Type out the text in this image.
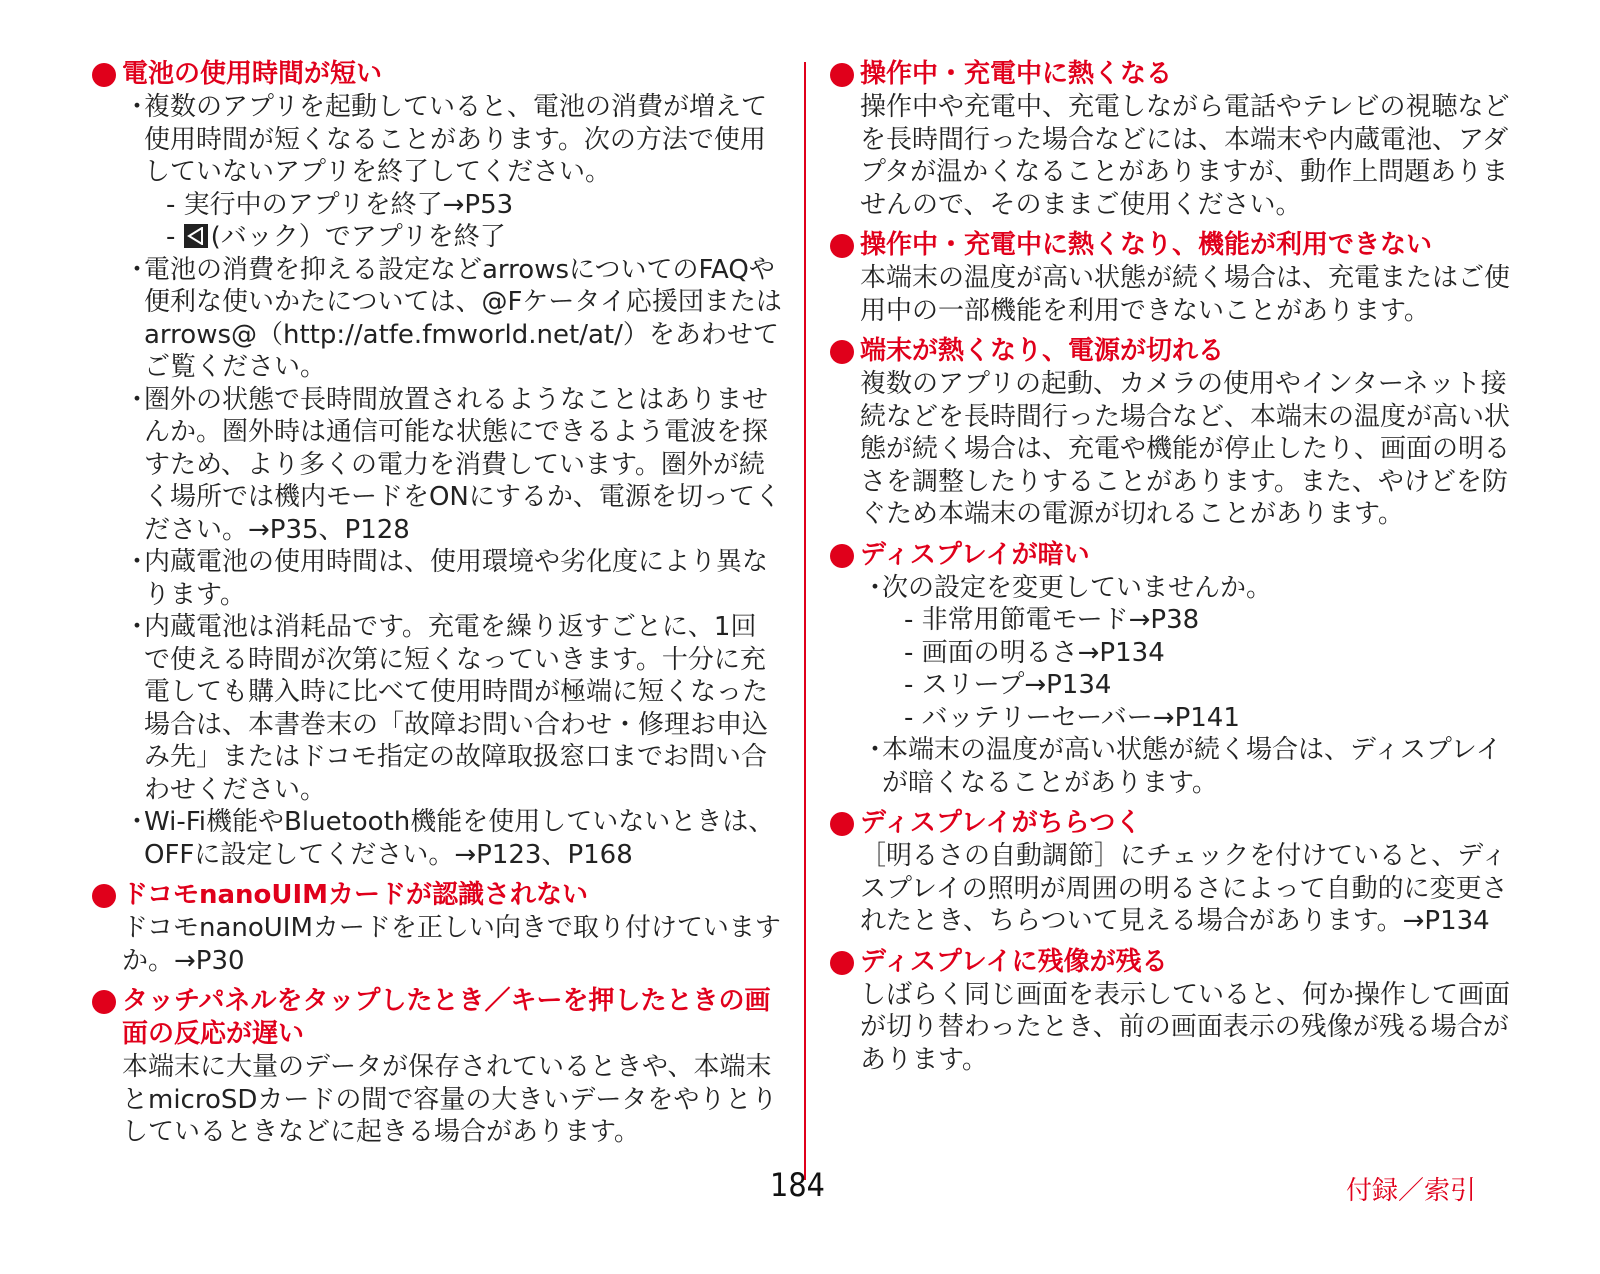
電池の使用時間が短い
・
複数のアプリを起動していると、電池の消費が増えて使用時間が短くなることがあります。次の方法で使用していないアプリを終了してください。
- 実行中のアプリを終了→P53
-
(バック）でアプリを終了
・
電池の消費を抑える設定などarrowsについてのFAQや便利な使いかたについては、@Fケータイ応援団またはarrows@（http://atfe.fmworld.net/at/）をあわせてご覧ください。
・
圏外の状態で長時間放置されるようなことはありませんか。圏外時は通信可能な状態にできるよう電波を探すため、より多くの電力を消費しています。圏外が続く場所では機内モードをONにするか、電源を切ってください。→P35、P128
・
内蔵電池の使用時間は、使用環境や劣化度により異なります。
・
内蔵電池は消耗品です。充電を繰り返すごとに、1回で使える時間が次第に短くなっていきます。十分に充電しても購入時に比べて使用時間が極端に短くなった場合は、本書巻末の「故障お問い合わせ・修理お申込み先」またはドコモ指定の故障取扱窓口までお問い合わせください。
・
Wi-Fi機能やBluetooth機能を使用していないときは、OFFに設定してください。→P123、P168
ドコモnanoUIMカードが認識されない

ドコモnanoUIMカードを正しい向きで取り付けていますか。→P30

タッチパネルをタップしたとき／キーを押したときの画面の反応が遅い

本端末に大量のデータが保存されているときや、本端末とmicroSDカードの間で容量の大きいデータをやりとりしているときなどに起きる場合があります。

操作中・充電中に熱くなる

操作中や充電中、充電しながら電話やテレビの視聴などを長時間行った場合などには、本端末や内蔵電池、アダプタが温かくなることがありますが、動作上問題ありませんので、そのままご使用ください。

操作中・充電中に熱くなり、機能が利用できない

本端末の温度が高い状態が続く場合は、充電またはご使用中の一部機能を利用できないことがあります。

端末が熱くなり、電源が切れる

複数のアプリの起動、カメラの使用やインターネット接続などを長時間行った場合など、本端末の温度が高い状態が続く場合は、充電や機能が停止したり、画面の明るさを調整したりすることがあります。また、やけどを防ぐため本端末の電源が切れることがあります。

ディスプレイが暗い
・
次の設定を変更していませんか。
- 非常用節電モード→P38
- 画面の明るさ→P134
- スリープ→P134
- バッテリーセーバー→P141
・
本端末の温度が高い状態が続く場合は、ディスプレイが暗くなることがあります。
ディスプレイがちらつく

［明るさの自動調節］にチェックを付けていると、ディスプレイの照明が周囲の明るさによって自動的に変更されたとき、ちらついて見える場合があります。→P134

ディスプレイに残像が残る

しばらく同じ画面を表示していると、何か操作して画面が切り替わったとき、前の画面表示の残像が残る場合があります。

184	付録／索引
